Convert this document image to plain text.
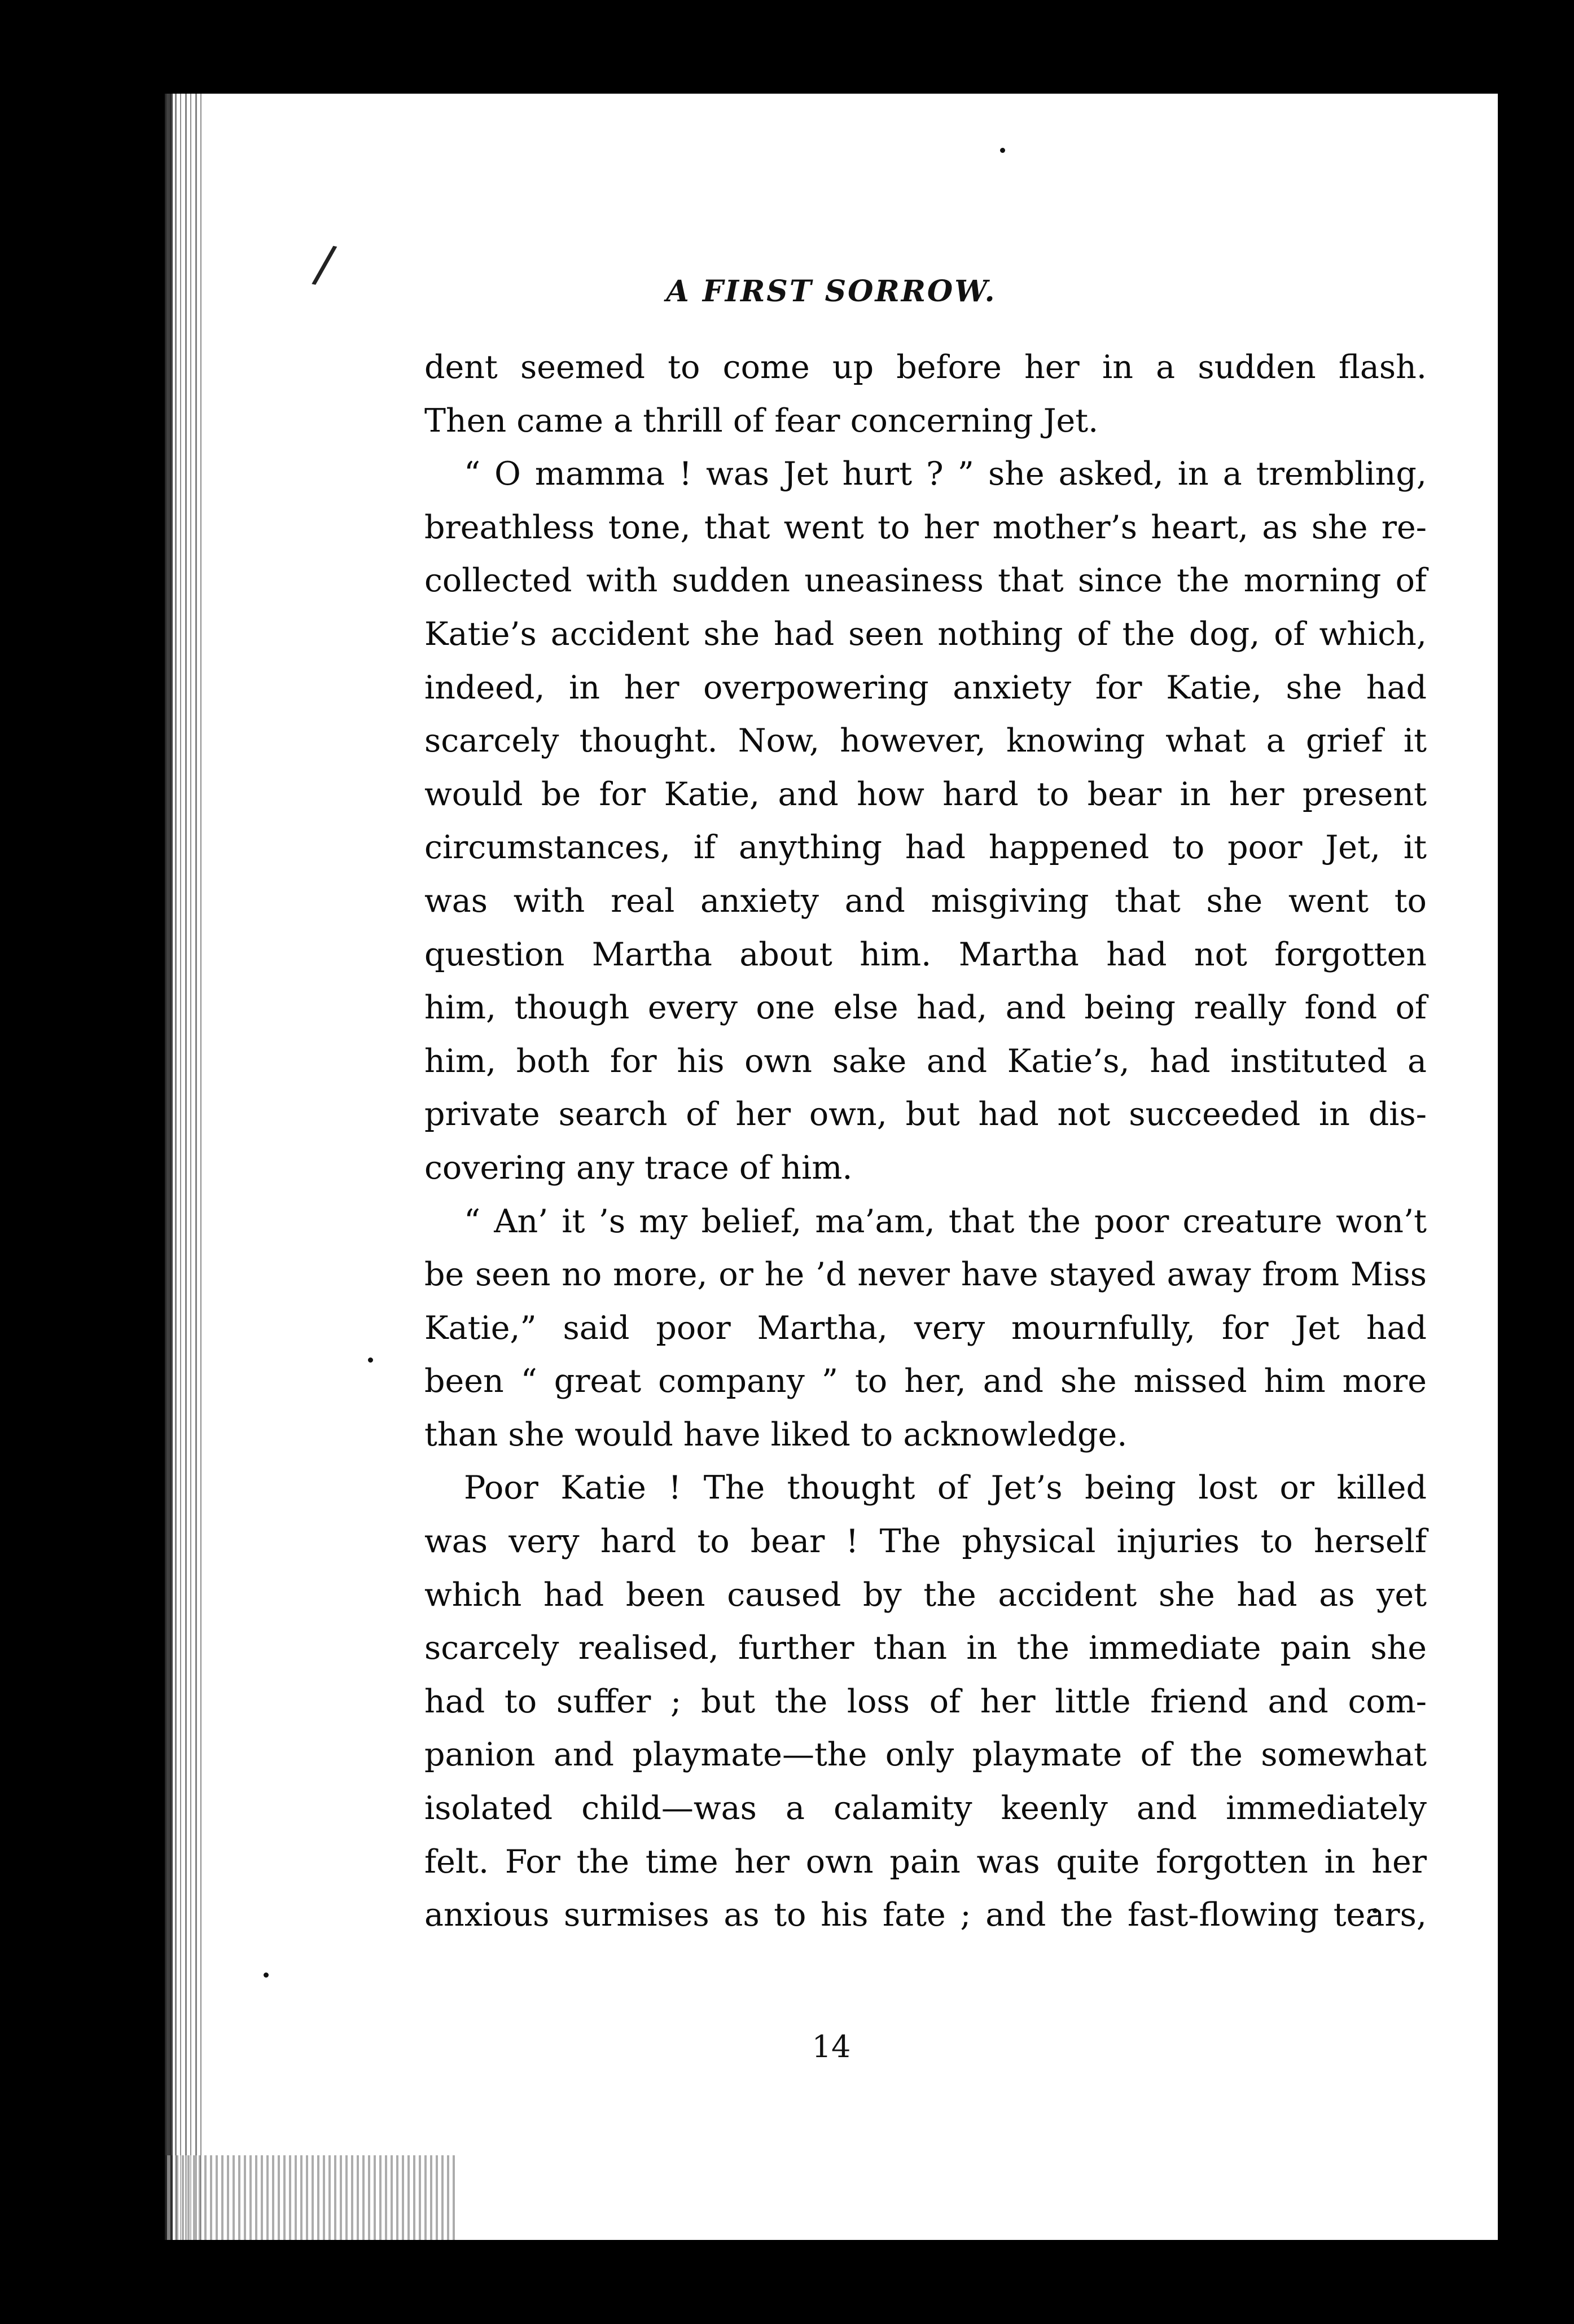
/	A FIRST SORROW.
dent seemed to come up before her in a sudden flash.
Then came a thrill of fear concerning Jet.
“ O mamma ! was Jet hurt ? ” she asked, in a trembling,
breathless tone, that went to her mother’s heart, as she re-
collected with sudden uneasiness that since the morning of
Katie’s accident she had seen nothing of the dog, of which,
indeed, in her overpowering anxiety for Katie, she had
scarcely thought. Now, however, knowing what a grief it
would be for Katie, and how hard to bear in her present
circumstances, if anything had happened to poor Jet, it
was with real anxiety and misgiving that she went to
question Martha about him. Martha had not forgotten
him, though every one else had, and being really fond of
him, both for his own sake and Katie’s, had instituted a
private search of her own, but had not succeeded in dis-
covering any trace of him.
“ An’ it ’s my belief, ma’am, that the poor creature won’t
be seen no more, or he ’d never have stayed away from Miss
Katie,” said poor Martha, very mournfully, for Jet had
been “ great company ” to her, and she missed him more
than she would have liked to acknowledge.
Poor Katie ! The thought of Jet’s being lost or killed
was very hard to bear ! The physical injuries to herself
which had been caused by the accident she had as yet
scarcely realised, further than in the immediate pain she
had to suffer ; but the loss of her little friend and com-
panion and playmate—the only playmate of the somewhat
isolated child—was a calamity keenly and immediately
felt. For the time her own pain was quite forgotten in her
anxious surmises as to his fate ; and the fast-flowing tears,

14
